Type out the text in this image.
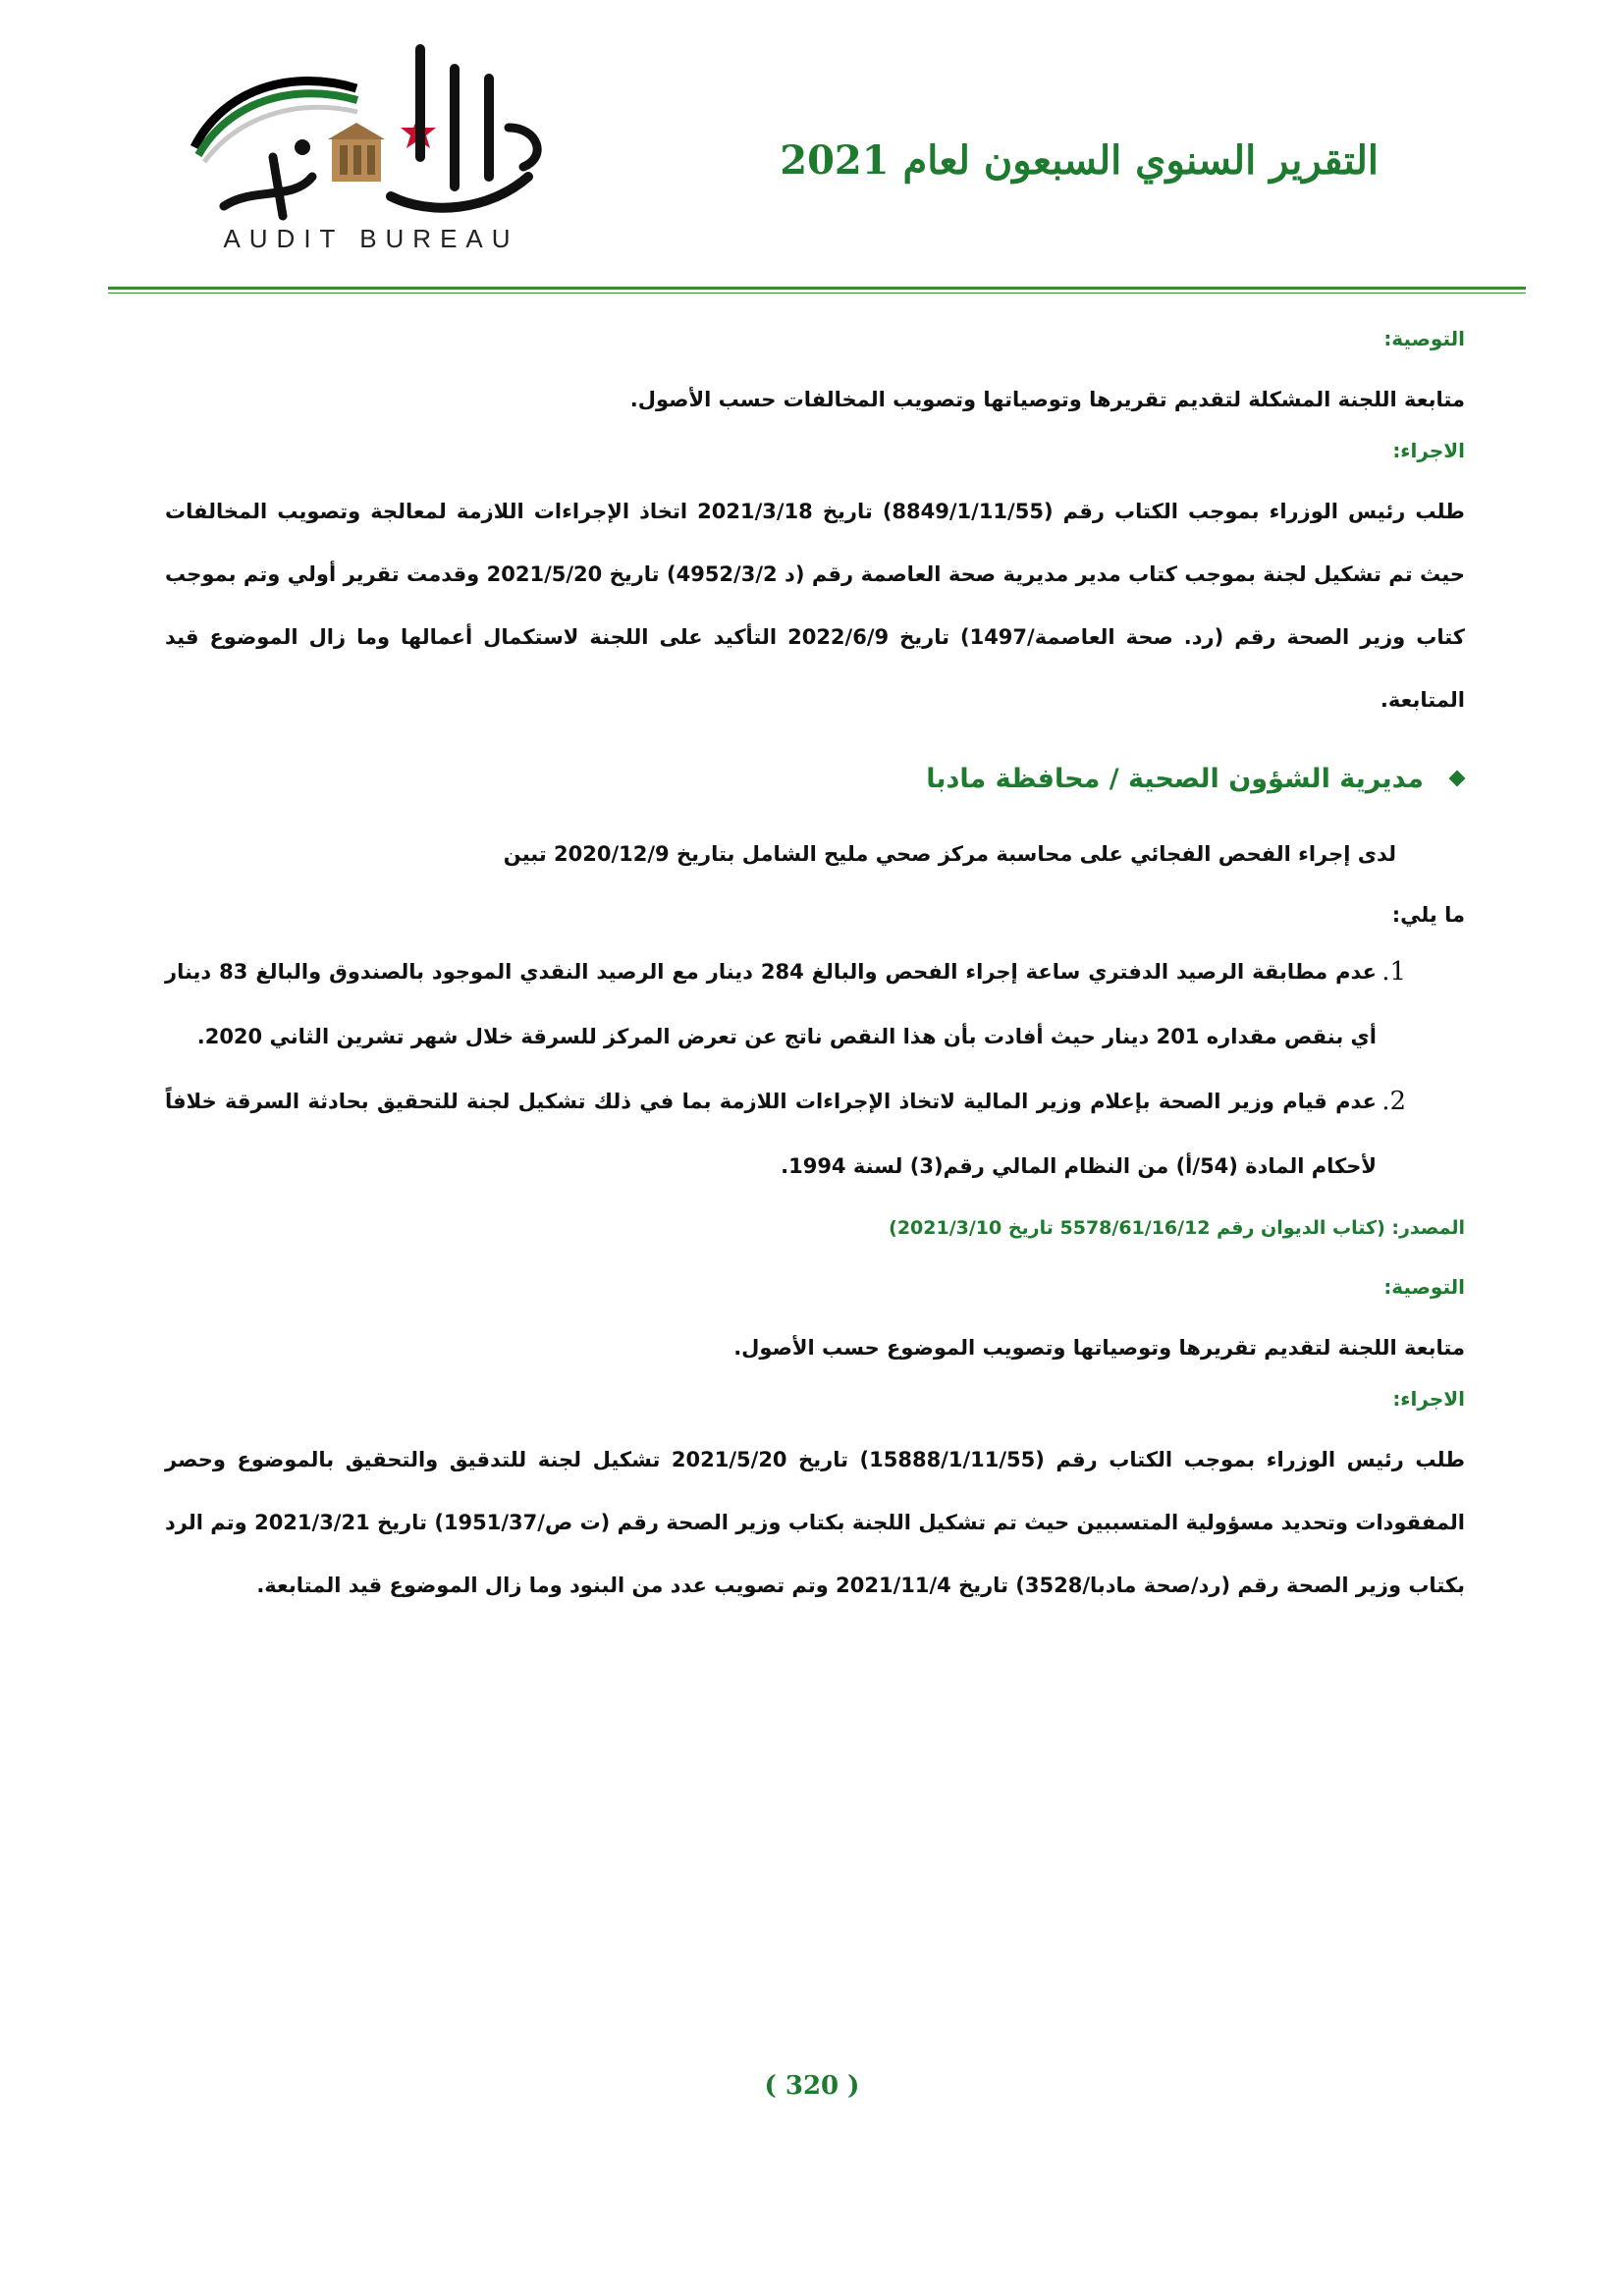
AUDIT BUREAU
التقرير السنوي السبعون لعام 2021
التوصية:
متابعة اللجنة المشكلة لتقديم تقريرها وتوصياتها وتصويب المخالفات حسب الأصول.
الاجراء:
طلب رئيس الوزراء بموجب الكتاب رقم (8849/1/11/55) تاريخ 2021/3/18 اتخاذ الإجراءات اللازمة لمعالجة وتصويب المخالفات حيث تم تشكيل لجنة بموجب كتاب مدير مديرية صحة العاصمة رقم (د 4952/3/2) تاريخ 2021/5/20 وقدمت تقرير أولي وتم بموجب كتاب وزير الصحة رقم (رد. صحة العاصمة/1497) تاريخ 2022/6/9 التأكيد على اللجنة لاستكمال أعمالها وما زال الموضوع قيد المتابعة.
مديرية الشؤون الصحية / محافظة مادبا
لدى إجراء الفحص الفجائي على محاسبة مركز صحي مليح الشامل بتاريخ 2020/12/9 تبين
ما يلي:
1.
عدم مطابقة الرصيد الدفتري ساعة إجراء الفحص والبالغ 284 دينار مع الرصيد النقدي الموجود بالصندوق والبالغ 83 دينار أي بنقص مقداره 201 دينار حيث أفادت بأن هذا النقص ناتج عن تعرض المركز للسرقة خلال شهر تشرين الثاني 2020.
2.
عدم قيام وزير الصحة بإعلام وزير المالية لاتخاذ الإجراءات اللازمة بما في ذلك تشكيل لجنة للتحقيق بحادثة السرقة خلافاً لأحكام المادة (54/أ) من النظام المالي رقم(3) لسنة 1994.
المصدر: (كتاب الديوان رقم 5578/61/16/12 تاريخ 2021/3/10)
التوصية:
متابعة اللجنة لتقديم تقريرها وتوصياتها وتصويب الموضوع حسب الأصول.
الاجراء:
طلب رئيس الوزراء بموجب الكتاب رقم (15888/1/11/55) تاريخ 2021/5/20 تشكيل لجنة للتدقيق والتحقيق بالموضوع وحصر المفقودات وتحديد مسؤولية المتسببين حيث تم تشكيل اللجنة بكتاب وزير الصحة رقم (ت ص/1951/37) تاريخ 2021/3/21 وتم الرد بكتاب وزير الصحة رقم (رد/صحة مادبا/3528) تاريخ 2021/11/4 وتم تصويب عدد من البنود وما زال الموضوع قيد المتابعة.
( 320 )
